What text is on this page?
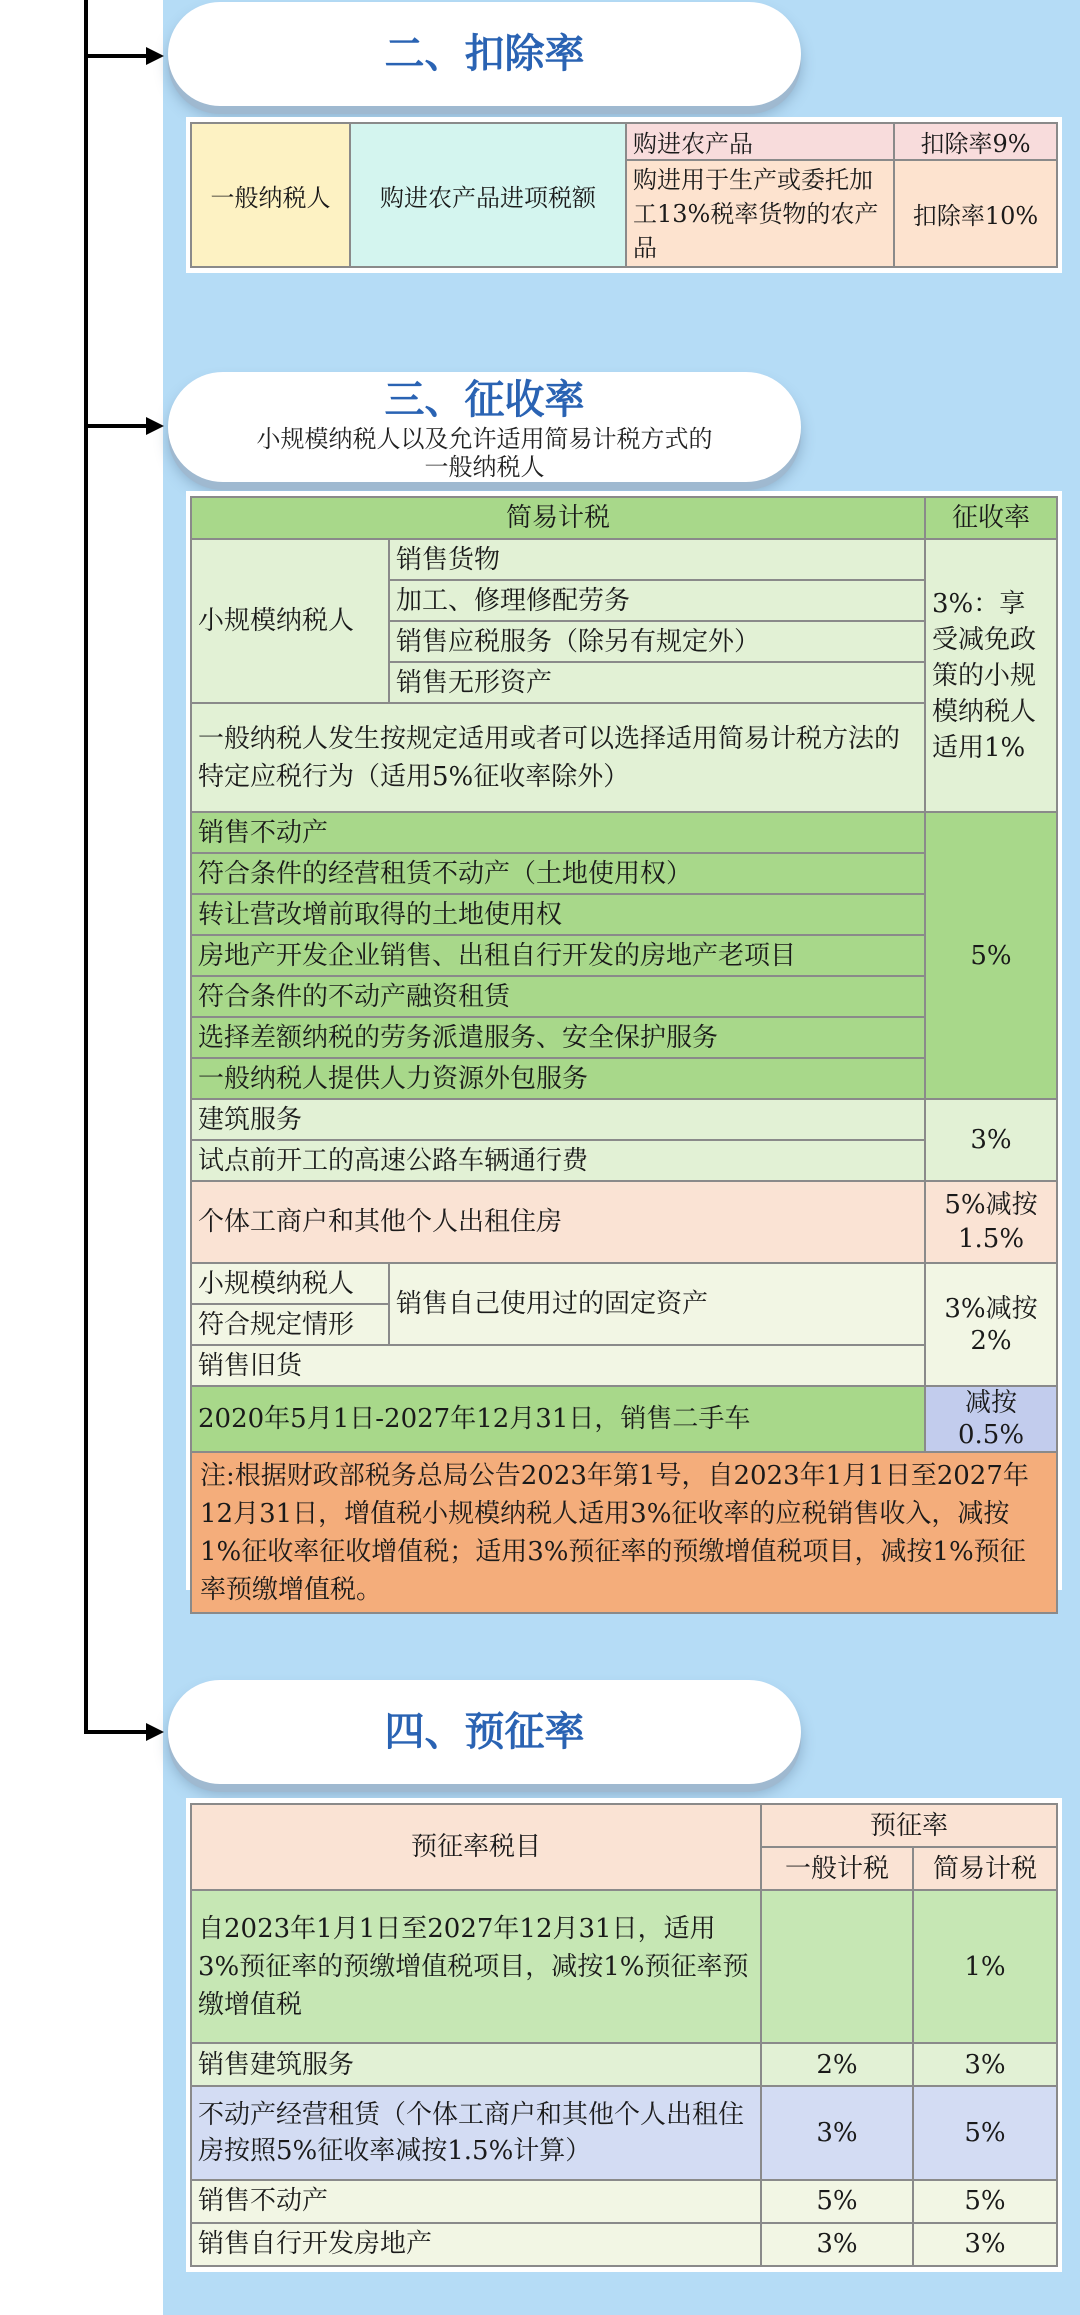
二、扣除率
一般纳税人	购进农产品进项税额	购进农产品	扣除率9%
		购进用于生产或委托加工13%税率货物的农产品	扣除率10%
三、征收率
小规模纳税人以及允许适用简易计税方式的
一般纳税人
简易计税		征收率
小规模纳税人	销售货物	3%：享受减免政策的小规模纳税人适用1%
	加工、修理修配劳务	
	销售应税服务（除另有规定外）	
	销售无形资产	
一般纳税人发生按规定适用或者可以选择适用简易计税方法的特定应税行为（适用5%征收率除外）		
销售不动产		5%
符合条件的经营租赁不动产（土地使用权）		
转让营改增前取得的土地使用权		
房地产开发企业销售、出租自行开发的房地产老项目		
符合条件的不动产融资租赁		
选择差额纳税的劳务派遣服务、安全保护服务		
一般纳税人提供人力资源外包服务		
建筑服务		3%
试点前开工的高速公路车辆通行费		
个体工商户和其他个人出租住房		5%减按1.5%
小规模纳税人	销售自己使用过的固定资产	3%减按2%
符合规定情形		
销售旧货		
2020年5月1日-2027年12月31日，销售二手车		减按0.5%
注:根据财政部税务总局公告2023年第1号，自2023年1月1日至2027年12月31日，增值税小规模纳税人适用3%征收率的应税销售收入，减按1%征收率征收增值税；适用3%预征率的预缴增值税项目，减按1%预征率预缴增值税。		
四、预征率
预征率税目	预征率	
	一般计税	简易计税
自2023年1月1日至2027年12月31日，适用3%预征率的预缴增值税项目，减按1%预征率预缴增值税		1%
销售建筑服务	2%	3%
不动产经营租赁（个体工商户和其他个人出租住房按照5%征收率减按1.5%计算）	3%	5%
销售不动产	5%	5%
销售自行开发房地产	3%	3%
